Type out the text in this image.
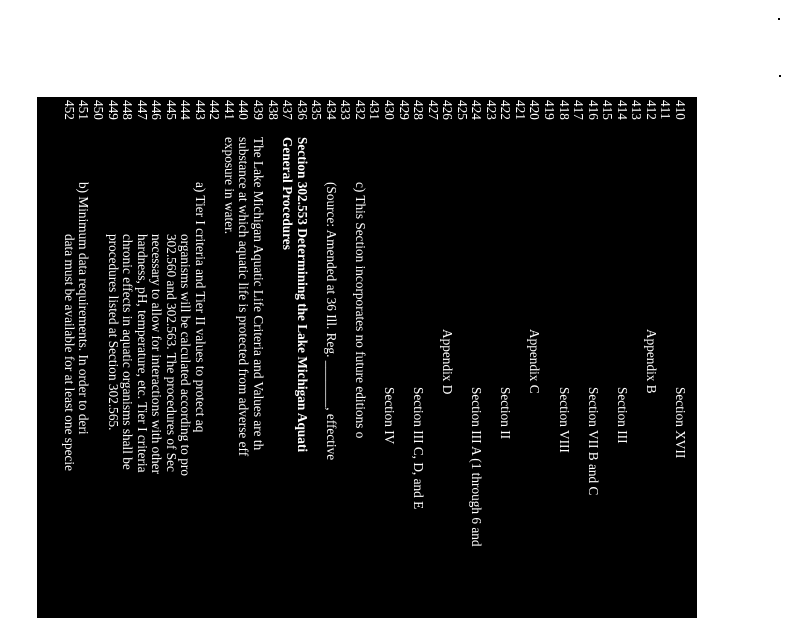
410
Section XVII
411
412
Appendix B
413
414
Section III
415
416
Section VII B and C
417
418
Section VIII
419
420
Appendix C
421
422
Section II
423
424
Section III A (1 through 6 and
425
426
Appendix D
427
428
Section III C, D, and E
429
430
Section IV
431
432
c) This Section incorporates no future editions o
433
434
(Source: Amended at 36 Ill. Reg. _______, effective
435
436
Section 302.553 Determining the Lake Michigan Aquati
437
General Procedures
438
439
The Lake Michigan Aquatic Life Criteria and Values are th
440
substance at which aquatic life is protected from adverse eff
441
exposure in water.
442
443
a) Tier I criteria and Tier II values to protect aq
444
organisms will be calculated according to pro
445
302.560 and 302.563. The procedures of Sec
446
necessary to allow for interactions with other
447
hardness, pH, temperature, etc. Tier I criteria
448
chronic effects in aquatic organisms shall be
449
procedures listed at Section 302.565.
450
451
b) Minimum data requirements. In order to deri
452
data must be available for at least one specie
